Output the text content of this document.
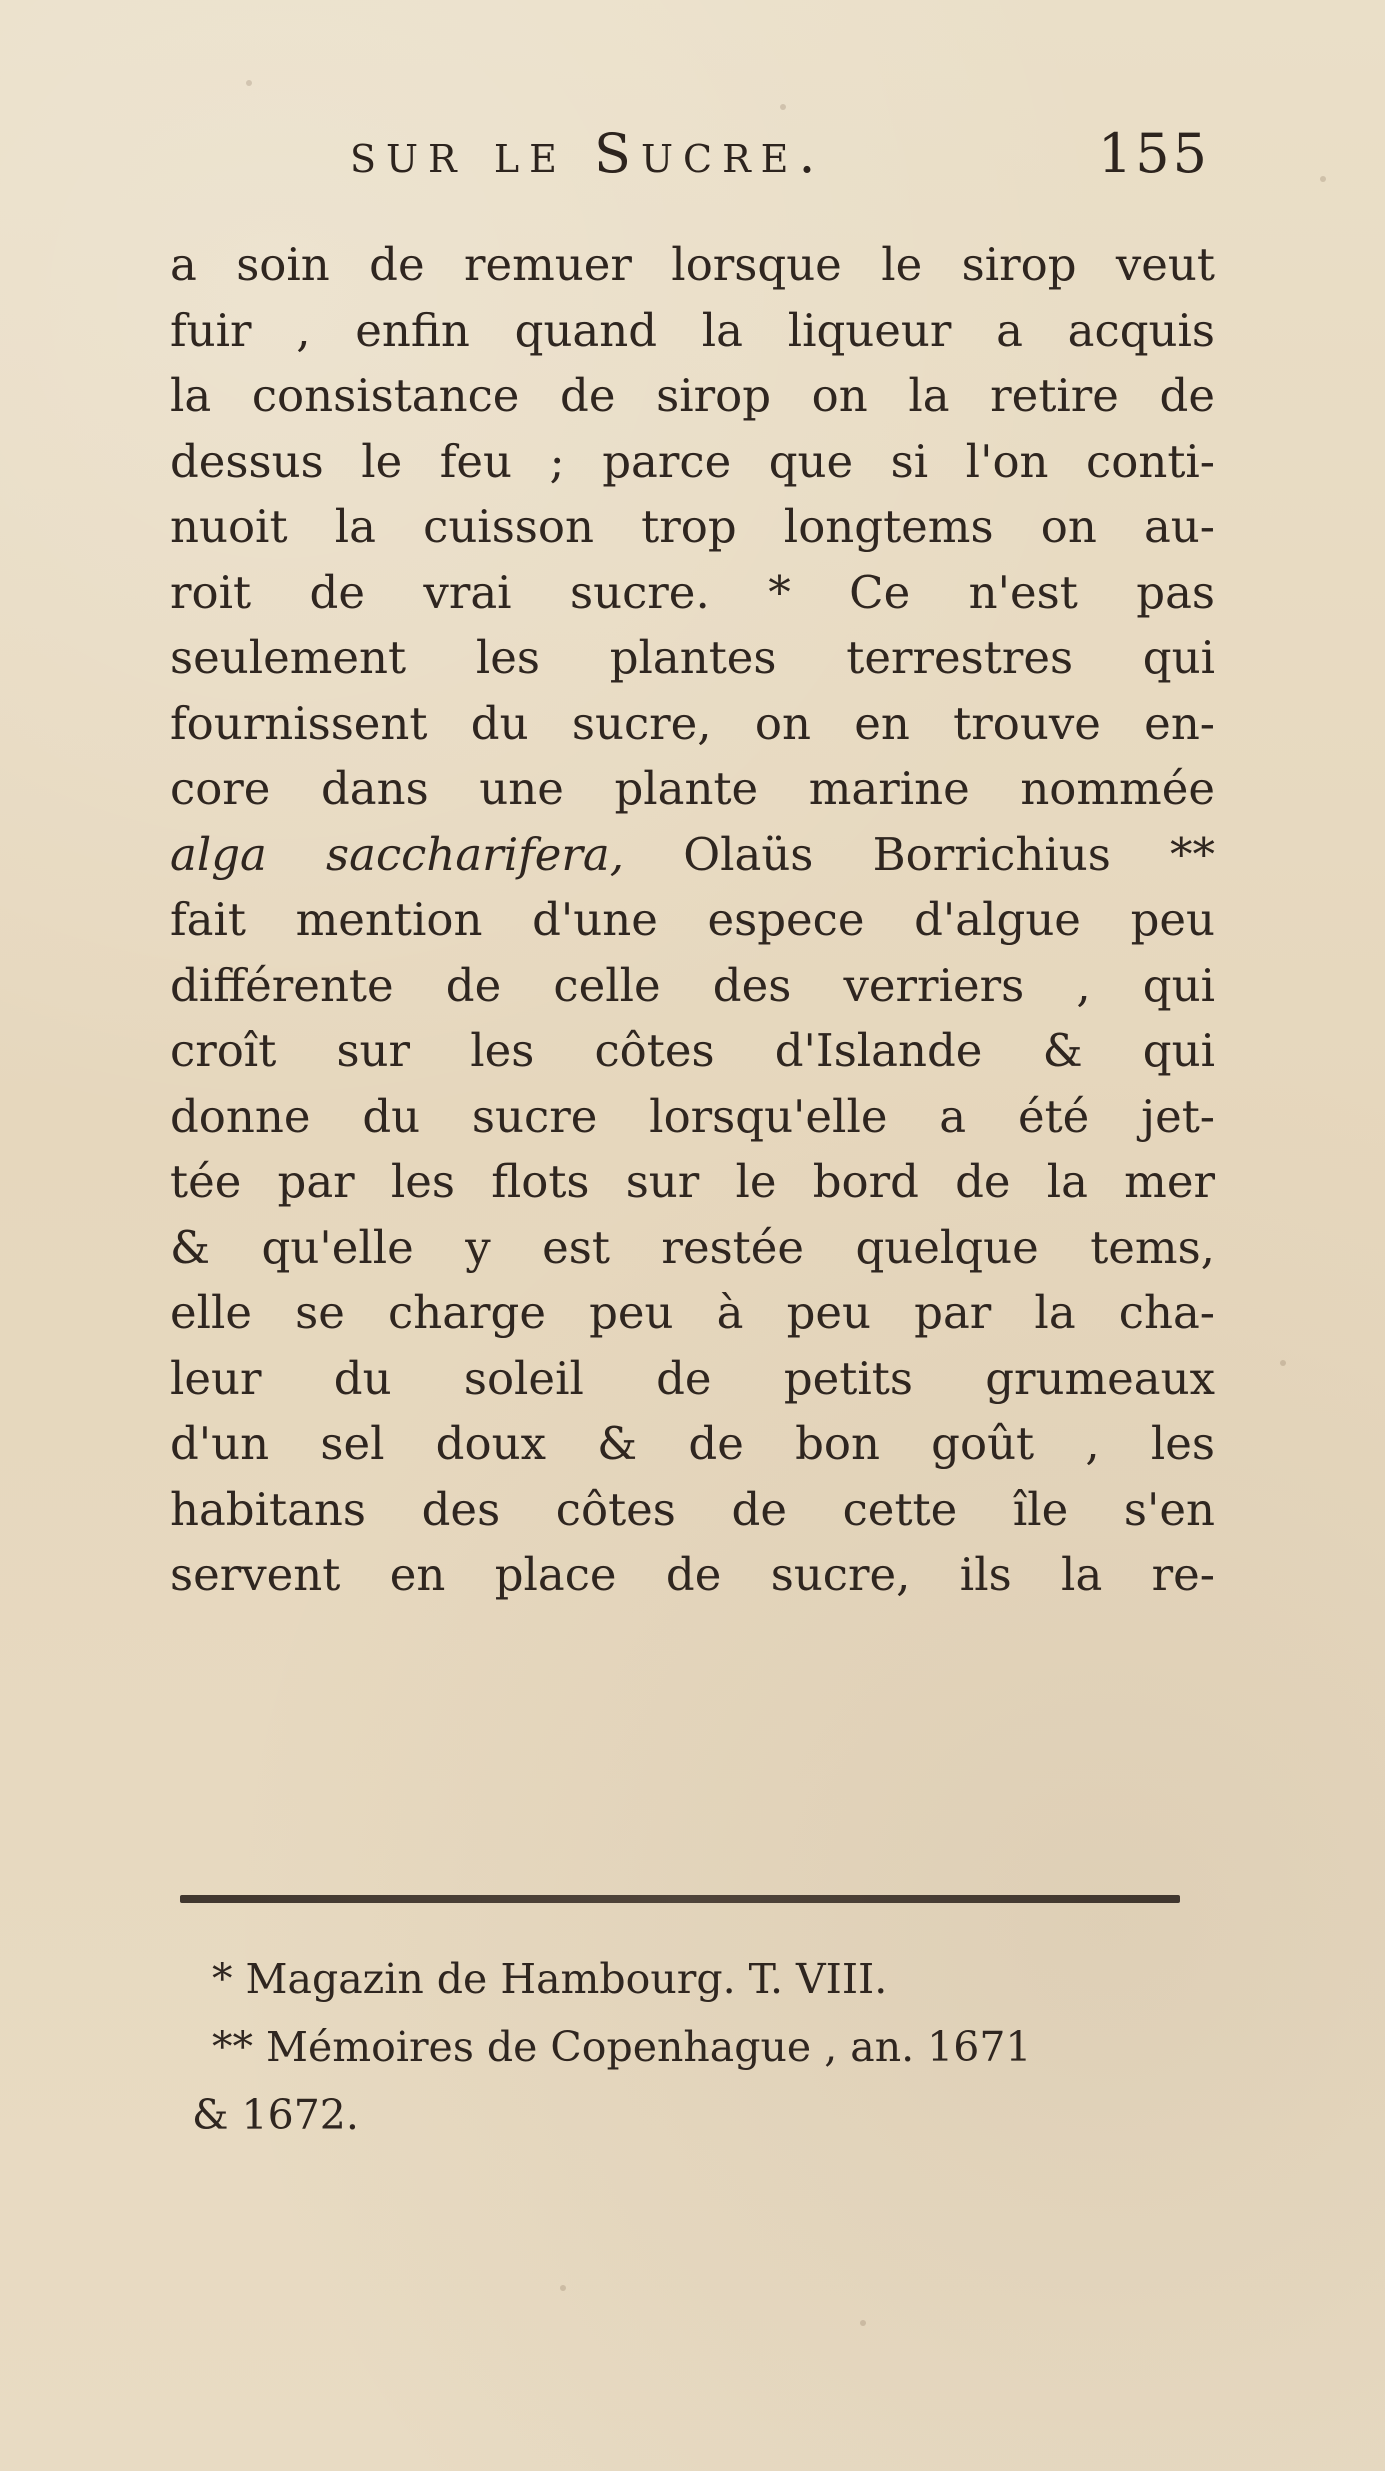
sur le Sucre.	155
a soin de remuer lorsque le sirop veut
fuir , enfin quand la liqueur a acquis
la consistance de sirop on la retire de
dessus le feu ; parce que si l'on conti-
nuoit la cuisson trop longtems on au-
roit de vrai sucre. * Ce n'est pas
seulement les plantes terrestres qui
fournissent du sucre, on en trouve en-
core dans une plante marine nommée
alga saccharifera, Olaüs Borrichius **
fait mention d'une espece d'algue peu
différente de celle des verriers , qui
croît sur les côtes d'Islande & qui
donne du sucre lorsqu'elle a été jet-
tée par les flots sur le bord de la mer
& qu'elle y est restée quelque tems,
elle se charge peu à peu par la cha-
leur du soleil de petits grumeaux
d'un sel doux & de bon goût , les
habitans des côtes de cette île s'en
servent en place de sucre, ils la re-
* Magazin de Hambourg. T. VIII.
** Mémoires de Copenhague , an. 1671
& 1672.
